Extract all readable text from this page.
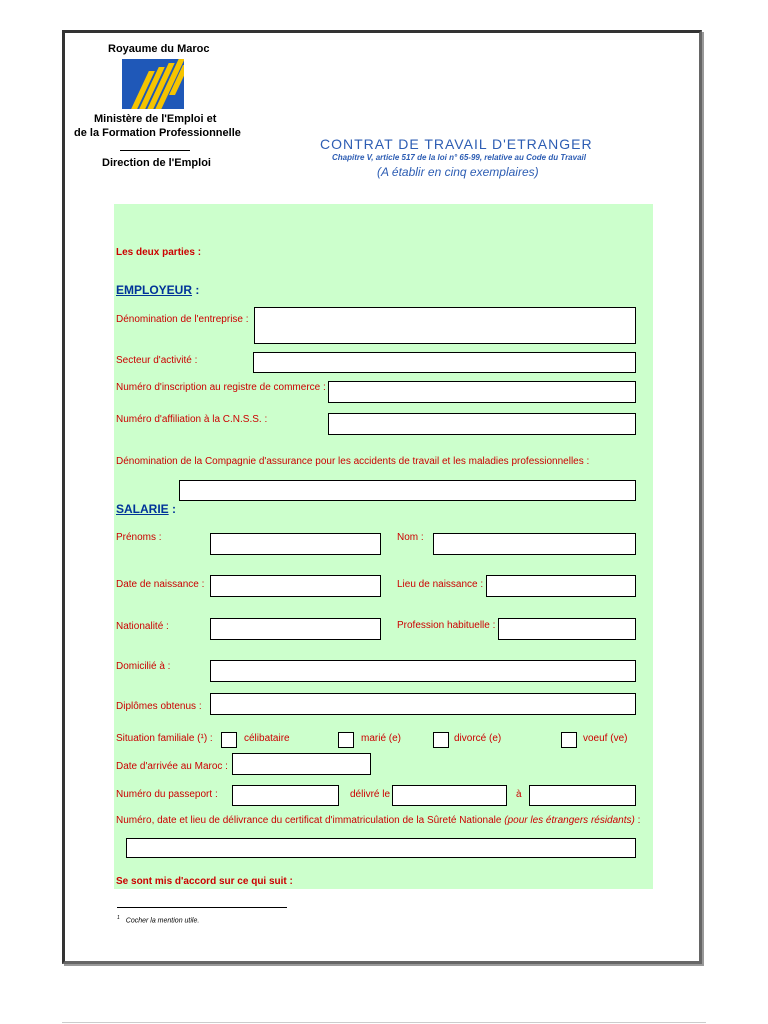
Royaume du Maroc
Ministère de l'Emploi et
de la Formation Professionnelle
Direction de l'Emploi
CONTRAT DE TRAVAIL D'ETRANGER
Chapitre V, article 517 de la loi n° 65-99, relative au Code du Travail
(A établir en cinq exemplaires)
Les deux parties :
EMPLOYEUR :
Dénomination de l'entreprise :
Secteur d'activité :
Numéro d'inscription au registre de commerce :
Numéro d'affiliation à la C.N.S.S. :
Dénomination de la Compagnie d'assurance pour les accidents de travail et les maladies professionnelles :
SALARIE :
Prénoms :	Nom :
Date de naissance :	Lieu de naissance :
Nationalité :	Profession habituelle :
Domicilié à :
Diplômes obtenus :
Situation familiale (¹) :	célibataire	marié (e)	divorcé (e)	voeuf (ve)
Date d'arrivée au Maroc :
Numéro du passeport :	délivré le	à
Numéro, date et lieu de délivrance du certificat d'immatriculation de la Sûreté Nationale (pour les étrangers résidants) :
Se sont mis d'accord sur ce qui suit :
$^1$ Cocher la mention utile.
